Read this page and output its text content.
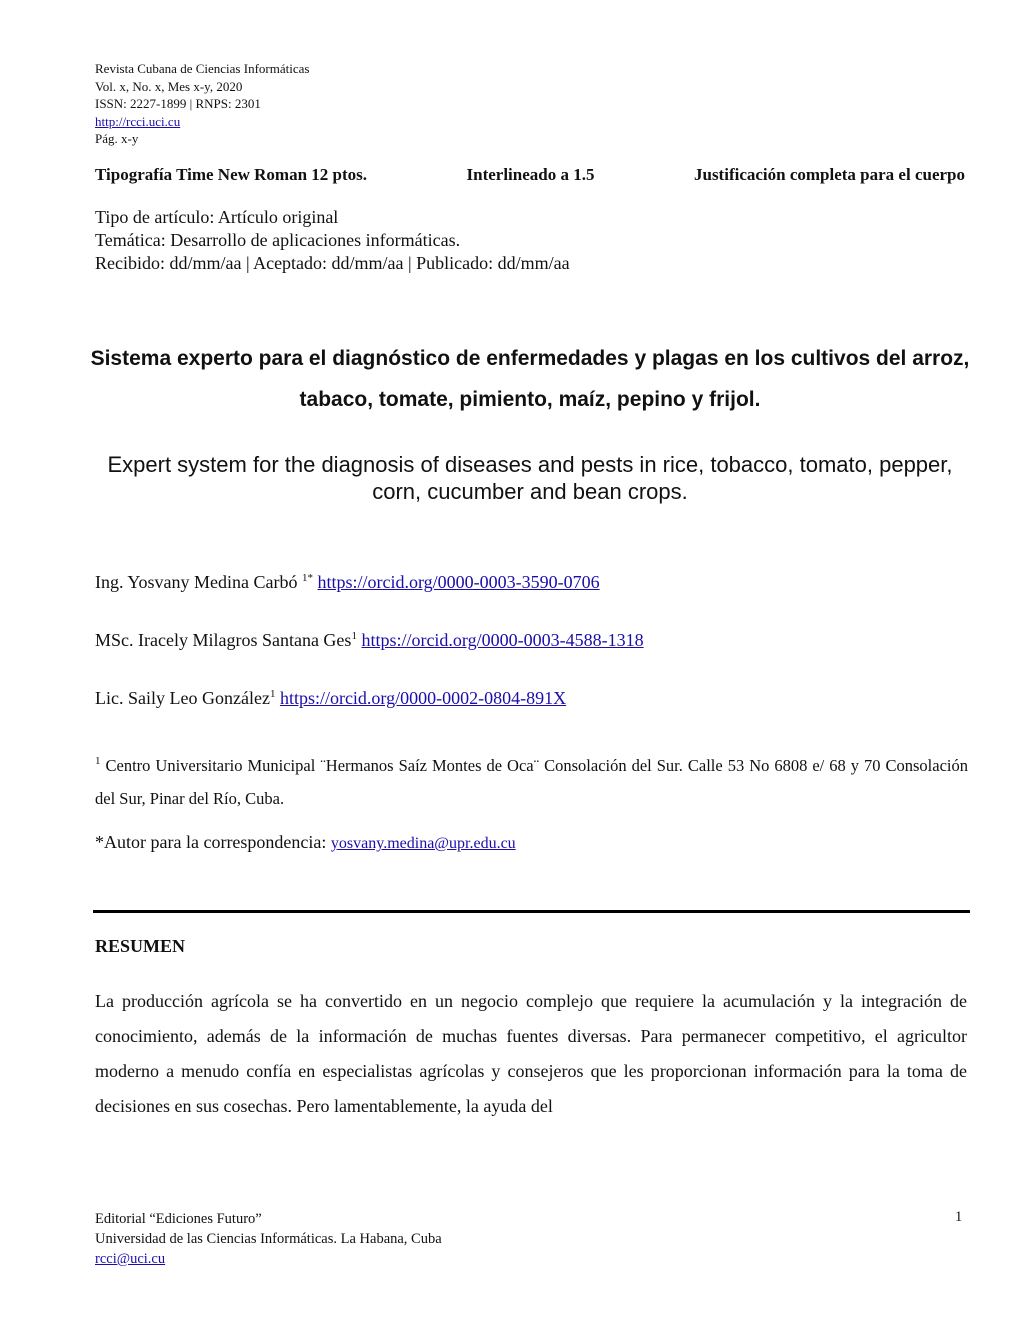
Revista Cubana de Ciencias Informáticas
Vol. x, No. x, Mes x-y, 2020
ISSN: 2227-1899 | RNPS: 2301
http://rcci.uci.cu
Pág. x-y
Tipografía Time New Roman 12 ptos.	Interlineado a 1.5	Justificación completa para el cuerpo
Tipo de artículo: Artículo original
Temática: Desarrollo de aplicaciones informáticas.
Recibido: dd/mm/aa | Aceptado: dd/mm/aa | Publicado: dd/mm/aa
Sistema experto para el diagnóstico de enfermedades y plagas en los cultivos del arroz, tabaco, tomate, pimiento, maíz, pepino y frijol.
Expert system for the diagnosis of diseases and pests in rice, tobacco, tomato, pepper, corn, cucumber and bean crops.
Ing. Yosvany Medina Carbó $^{1*}$ https://orcid.org/0000-0003-3590-0706
MSc. Iracely Milagros Santana Ges$^1$ https://orcid.org/0000-0003-4588-1318
Lic. Saily Leo González$^1$ https://orcid.org/0000-0002-0804-891X
$^1$ Centro Universitario Municipal ¨Hermanos Saíz Montes de Oca¨ Consolación del Sur. Calle 53 No 6808 e/ 68 y 70 Consolación del Sur, Pinar del Río, Cuba.
*Autor para la correspondencia: yosvany.medina@upr.edu.cu
RESUMEN
La producción agrícola se ha convertido en un negocio complejo que requiere la acumulación y la integración de conocimiento, además de la información de muchas fuentes diversas. Para permanecer competitivo, el agricultor moderno a menudo confía en especialistas agrícolas y consejeros que les proporcionan información para la toma de decisiones en sus cosechas. Pero lamentablemente, la ayuda del
Editorial “Ediciones Futuro”
Universidad de las Ciencias Informáticas. La Habana, Cuba
rcci@uci.cu
1
